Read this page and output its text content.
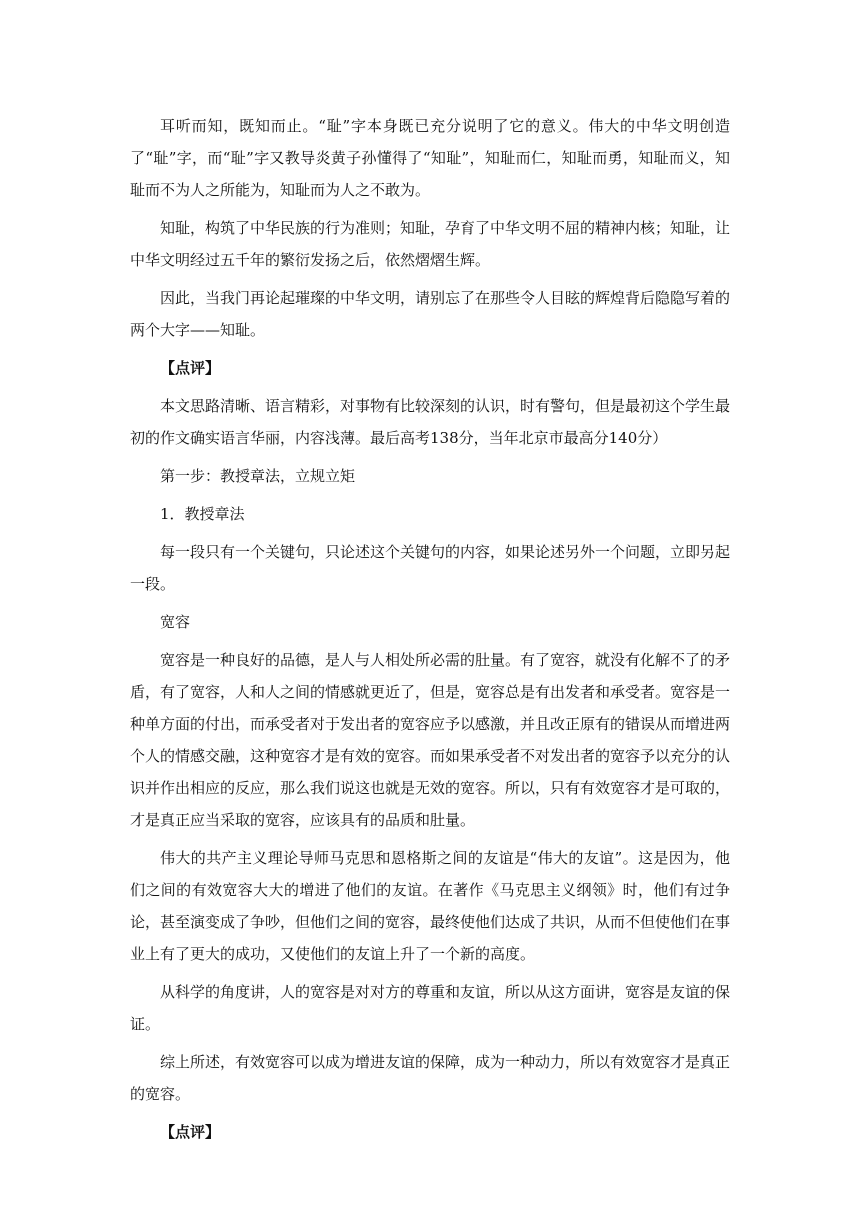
耳听而知，既知而止。“耻”字本身既已充分说明了它的意义。伟大的中华文明创造了“耻”字，而“耻”字又教导炎黄子孙懂得了“知耻”，知耻而仁，知耻而勇，知耻而义，知耻而不为人之所能为，知耻而为人之不敢为。

知耻，构筑了中华民族的行为准则；知耻，孕育了中华文明不屈的精神内核；知耻，让中华文明经过五千年的繁衍发扬之后，依然熠熠生辉。

因此，当我门再论起璀璨的中华文明，请别忘了在那些令人目眩的辉煌背后隐隐写着的两个大字——知耻。

【点评】

本文思路清晰、语言精彩，对事物有比较深刻的认识，时有警句，但是最初这个学生最初的作文确实语言华丽，内容浅薄。最后高考138分，当年北京市最高分140分）

第一步：教授章法，立规立矩

1．教授章法

每一段只有一个关键句，只论述这个关键句的内容，如果论述另外一个问题，立即另起一段。

宽容

宽容是一种良好的品德，是人与人相处所必需的肚量。有了宽容，就没有化解不了的矛盾，有了宽容，人和人之间的情感就更近了，但是，宽容总是有出发者和承受者。宽容是一种单方面的付出，而承受者对于发出者的宽容应予以感激，并且改正原有的错误从而增进两个人的情感交融，这种宽容才是有效的宽容。而如果承受者不对发出者的宽容予以充分的认识并作出相应的反应，那么我们说这也就是无效的宽容。所以，只有有效宽容才是可取的，才是真正应当采取的宽容，应该具有的品质和肚量。

伟大的共产主义理论导师马克思和恩格斯之间的友谊是“伟大的友谊”。这是因为，他们之间的有效宽容大大的增进了他们的友谊。在著作《马克思主义纲领》时，他们有过争论，甚至演变成了争吵，但他们之间的宽容，最终使他们达成了共识，从而不但使他们在事业上有了更大的成功，又使他们的友谊上升了一个新的高度。

从科学的角度讲，人的宽容是对对方的尊重和友谊，所以从这方面讲，宽容是友谊的保证。

综上所述，有效宽容可以成为增进友谊的保障，成为一种动力，所以有效宽容才是真正的宽容。

【点评】
